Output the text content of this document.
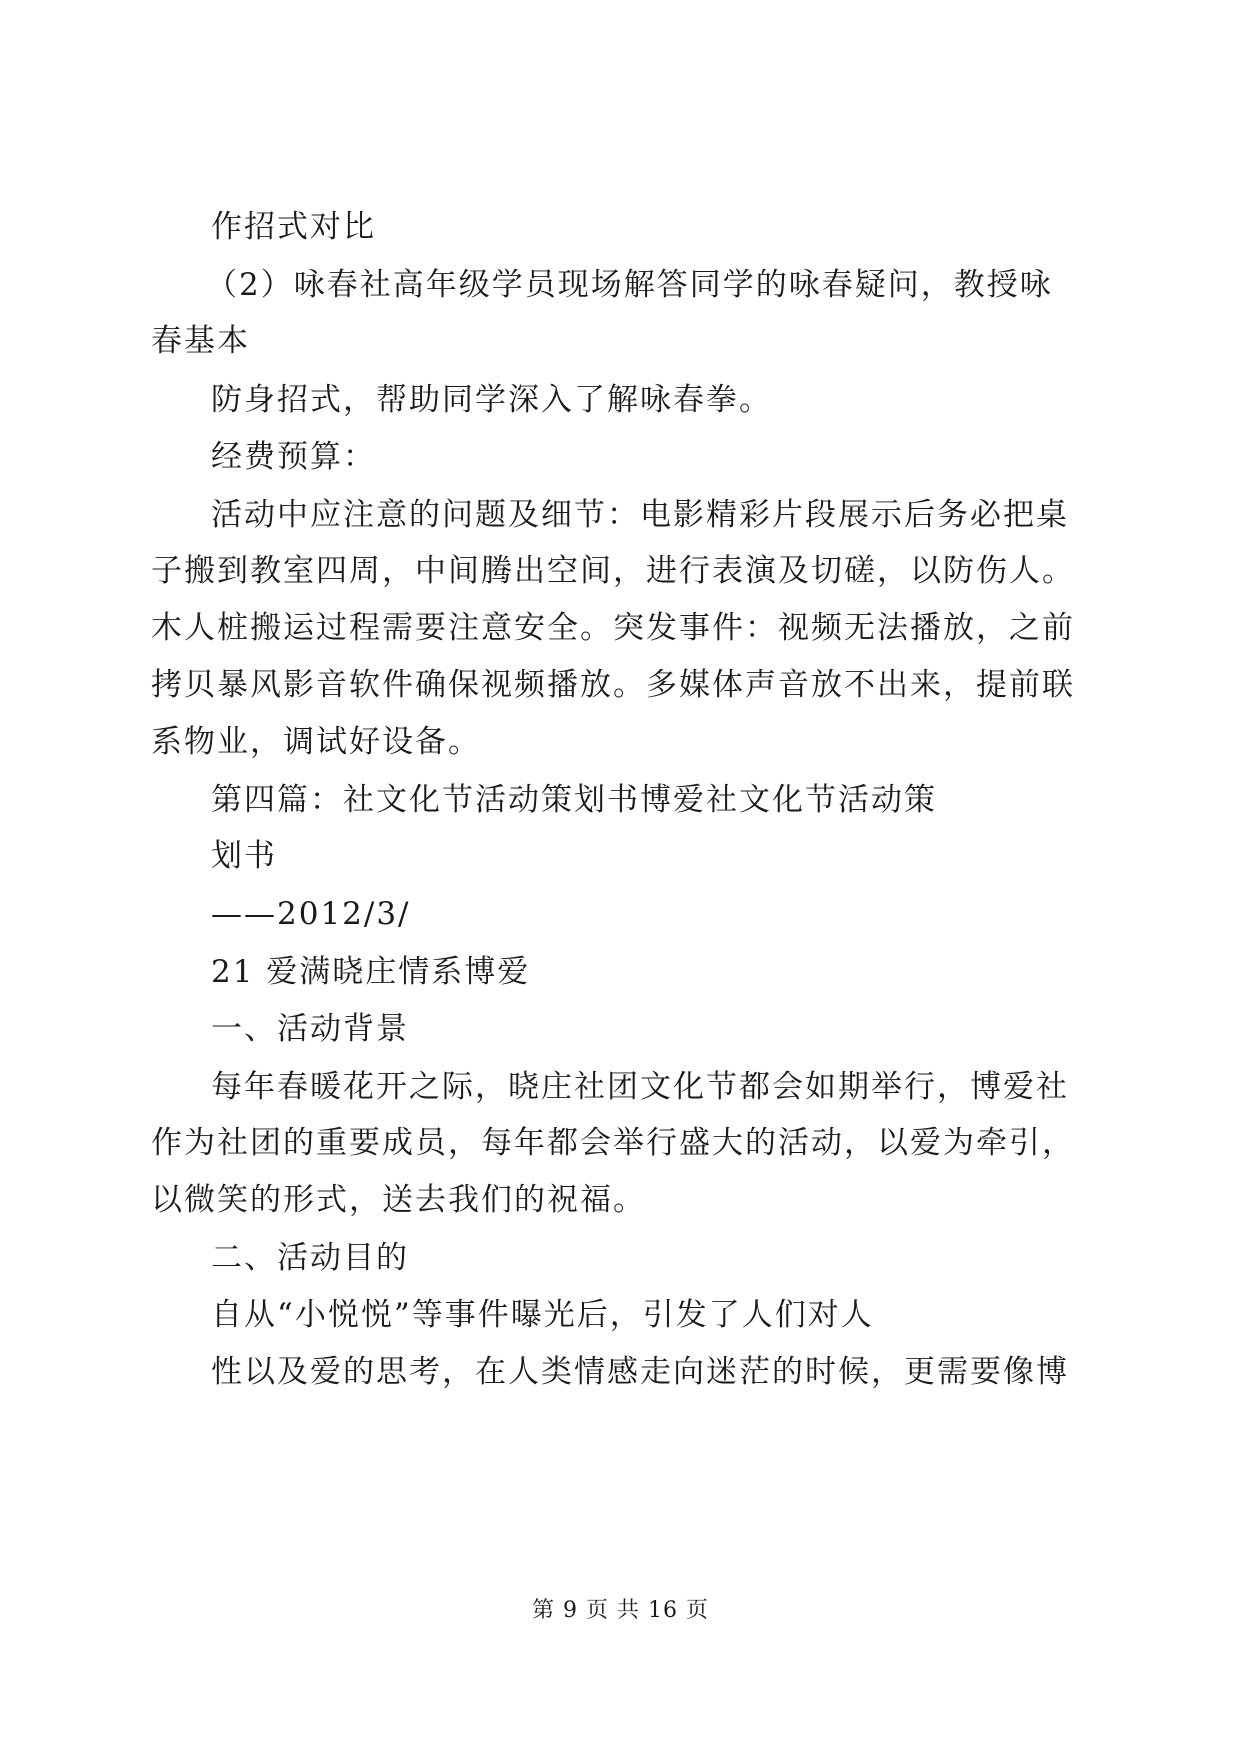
作招式对比
（2）咏春社高年级学员现场解答同学的咏春疑问，教授咏
春基本
防身招式，帮助同学深入了解咏春拳。
经费预算：
活动中应注意的问题及细节：电影精彩片段展示后务必把桌
子搬到教室四周，中间腾出空间，进行表演及切磋，以防伤人。
木人桩搬运过程需要注意安全。突发事件：视频无法播放，之前
拷贝暴风影音软件确保视频播放。多媒体声音放不出来，提前联
系物业，调试好设备。
第四篇：社文化节活动策划书博爱社文化节活动策
划书
——2012/3/
21 爱满晓庄情系博爱
一、活动背景
每年春暖花开之际，晓庄社团文化节都会如期举行，博爱社
作为社团的重要成员，每年都会举行盛大的活动，以爱为牵引，
以微笑的形式，送去我们的祝福。
二、活动目的
自从“小悦悦”等事件曝光后，引发了人们对人
性以及爱的思考，在人类情感走向迷茫的时候，更需要像博
第 9 页 共 16 页
